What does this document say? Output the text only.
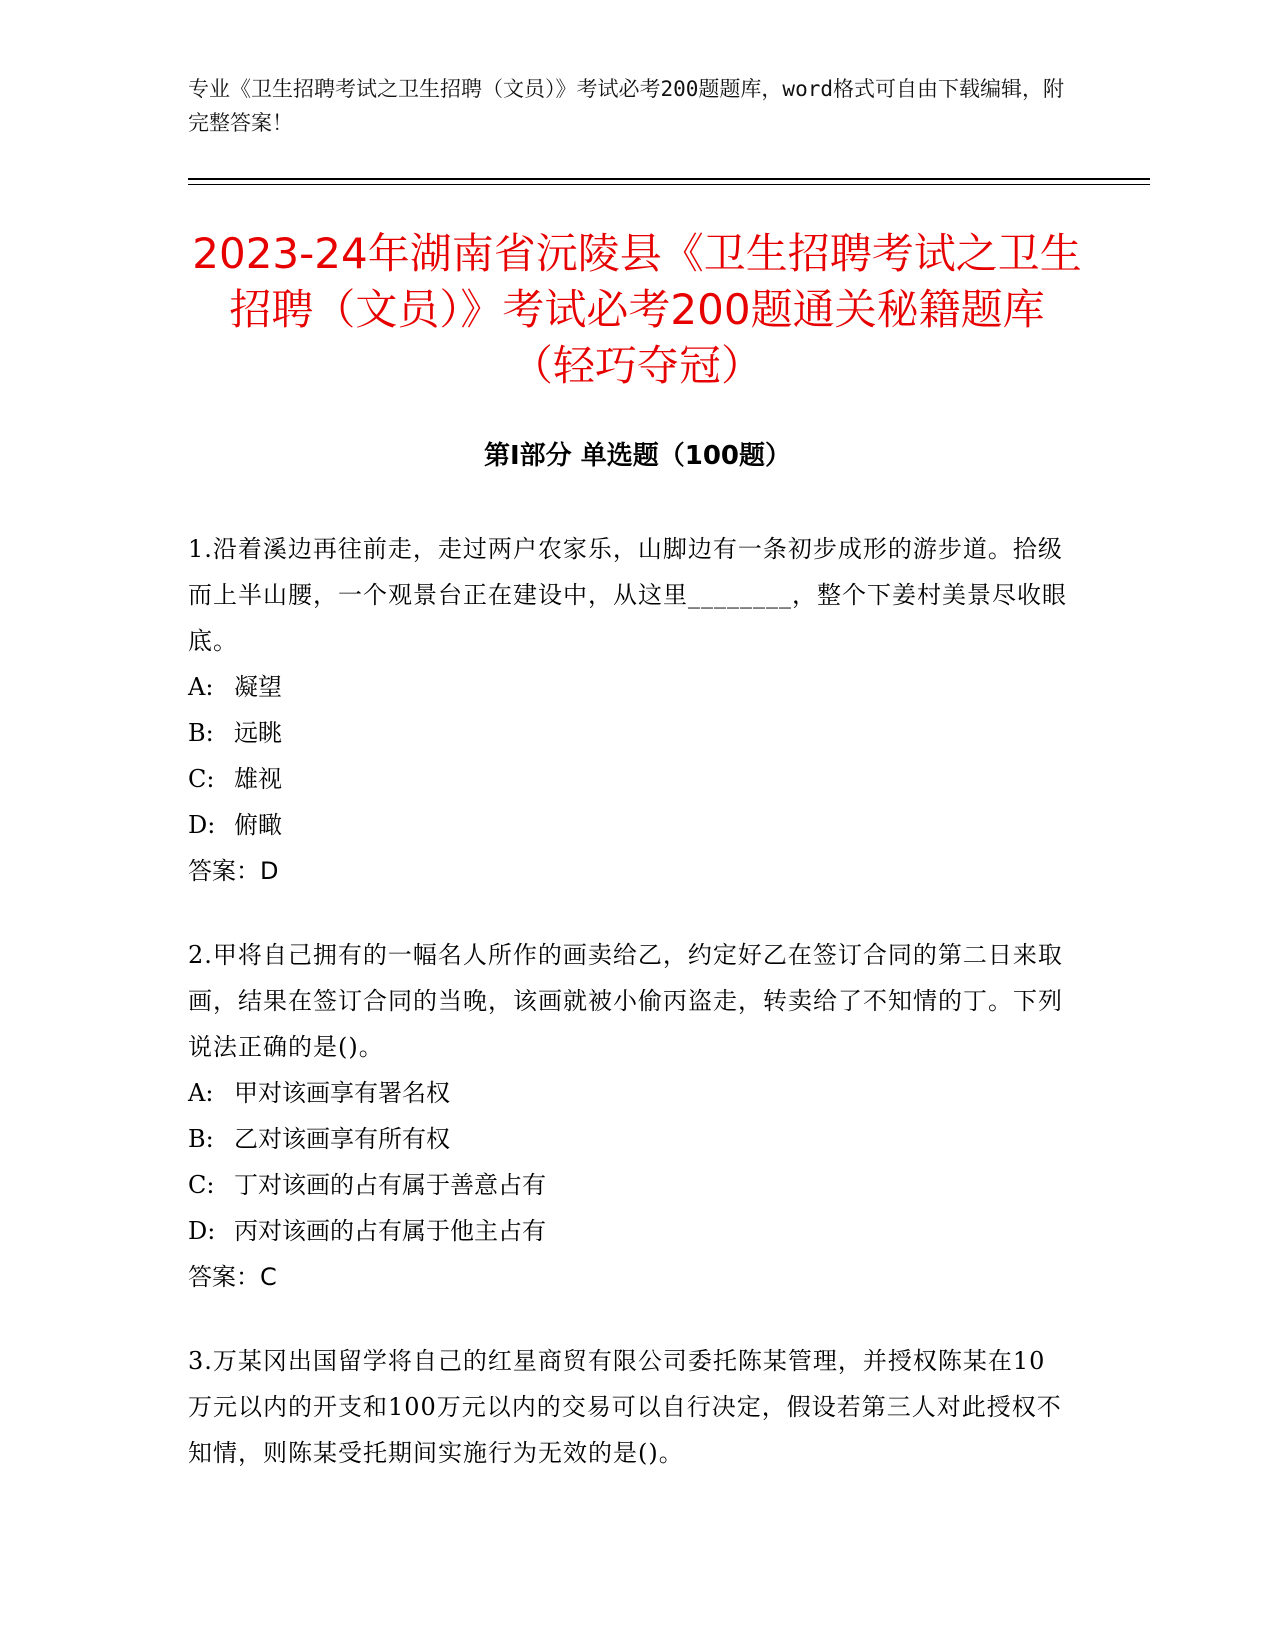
专业《卫生招聘考试之卫生招聘（文员）》考试必考200题题库，word格式可自由下载编辑，附完整答案！
2023-24年湖南省沅陵县《卫生招聘考试之卫生招聘（文员）》考试必考200题通关秘籍题库（轻巧夺冠）
第I部分 单选题（100题）
1.沿着溪边再往前走，走过两户农家乐，山脚边有一条初步成形的游步道。拾级而上半山腰，一个观景台正在建设中，从这里________，整个下姜村美景尽收眼底。
A: 凝望
B: 远眺
C: 雄视
D: 俯瞰
答案：D
2.甲将自己拥有的一幅名人所作的画卖给乙，约定好乙在签订合同的第二日来取画，结果在签订合同的当晚，该画就被小偷丙盗走，转卖给了不知情的丁。下列说法正确的是()。
A: 甲对该画享有署名权
B: 乙对该画享有所有权
C: 丁对该画的占有属于善意占有
D: 丙对该画的占有属于他主占有
答案：C
3.万某冈出国留学将自己的红星商贸有限公司委托陈某管理，并授权陈某在10万元以内的开支和100万元以内的交易可以自行决定，假设若第三人对此授权不知情，则陈某受托期间实施行为无效的是()。
